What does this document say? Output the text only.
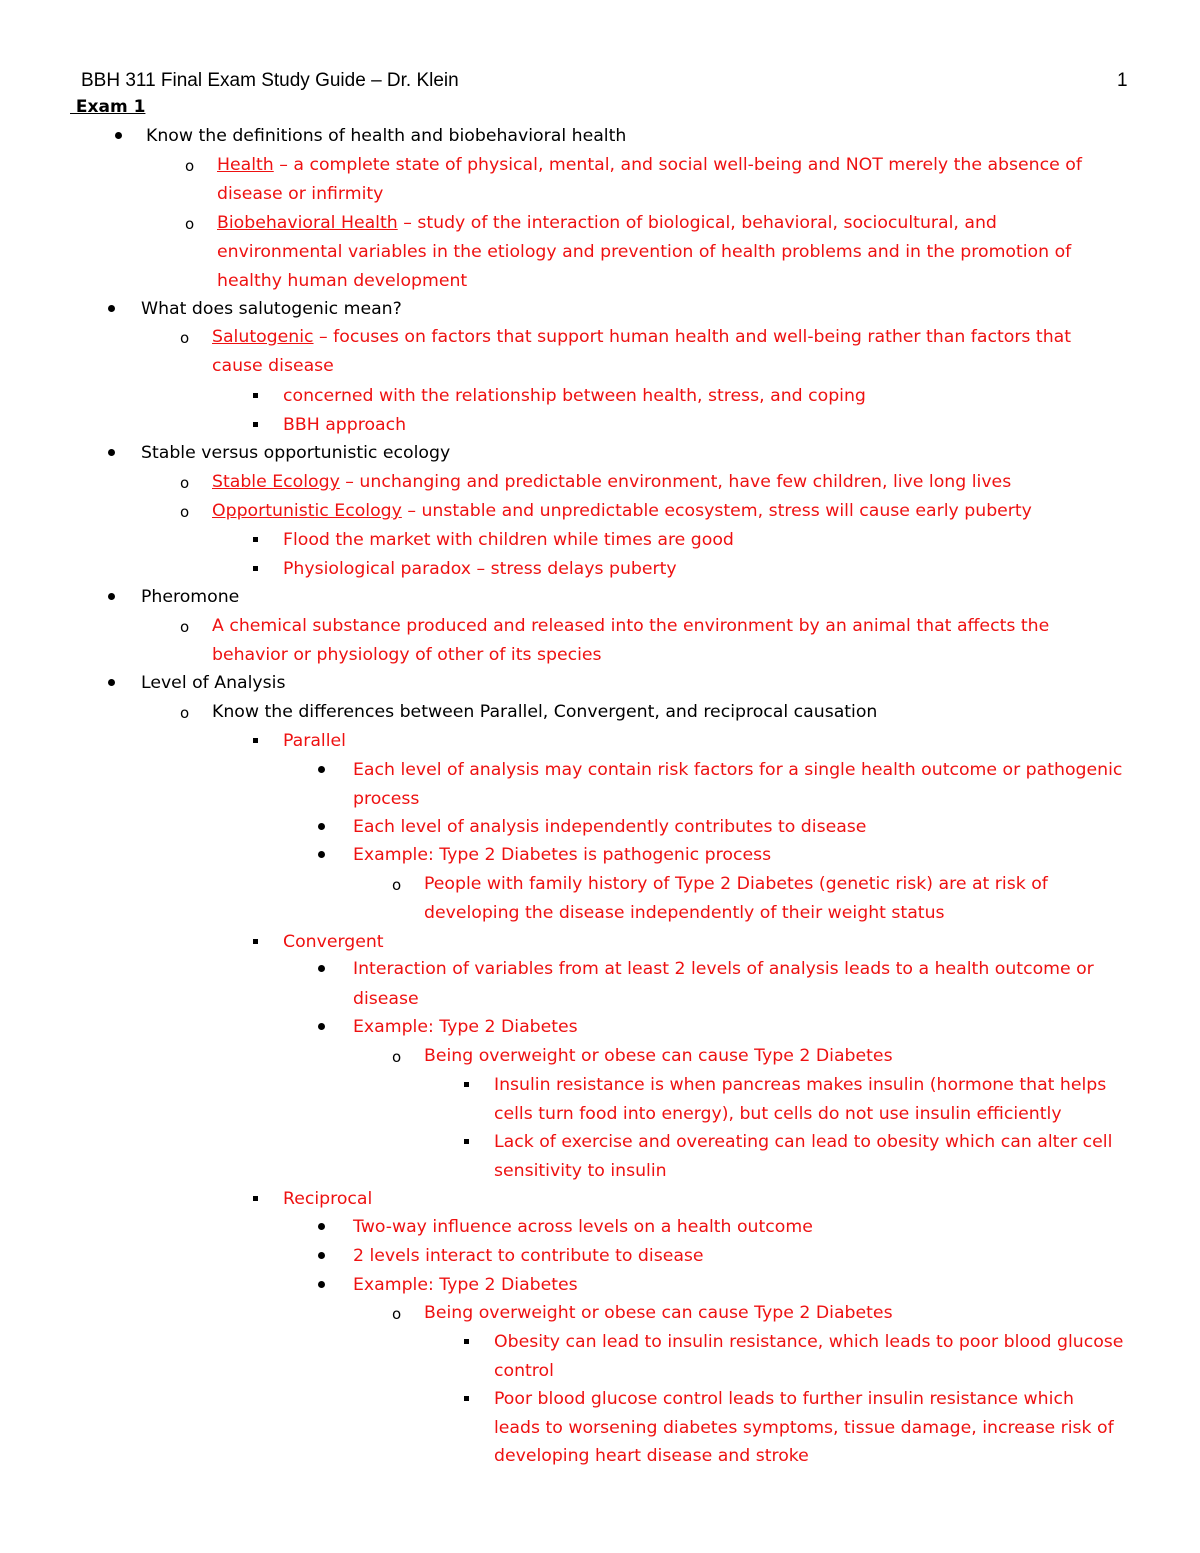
BBH 311 Final Exam Study Guide – Dr. Klein	1
Exam 1
Know the definitions of health and biobehavioral health
o Health – a complete state of physical, mental, and social well-being and NOT merely the absence of
disease or infirmity
o Biobehavioral Health – study of the interaction of biological, behavioral, sociocultural, and
environmental variables in the etiology and prevention of health problems and in the promotion of
healthy human development
What does salutogenic mean?
o Salutogenic – focuses on factors that support human health and well-being rather than factors that
cause disease
concerned with the relationship between health, stress, and coping
BBH approach
Stable versus opportunistic ecology
o Stable Ecology – unchanging and predictable environment, have few children, live long lives
o Opportunistic Ecology – unstable and unpredictable ecosystem, stress will cause early puberty
Flood the market with children while times are good
Physiological paradox – stress delays puberty
Pheromone
o A chemical substance produced and released into the environment by an animal that affects the
behavior or physiology of other of its species
Level of Analysis
o Know the differences between Parallel, Convergent, and reciprocal causation
Parallel
Each level of analysis may contain risk factors for a single health outcome or pathogenic
process
Each level of analysis independently contributes to disease
Example: Type 2 Diabetes is pathogenic process
o People with family history of Type 2 Diabetes (genetic risk) are at risk of
developing the disease independently of their weight status
Convergent
Interaction of variables from at least 2 levels of analysis leads to a health outcome or
disease
Example: Type 2 Diabetes
o Being overweight or obese can cause Type 2 Diabetes
Insulin resistance is when pancreas makes insulin (hormone that helps
cells turn food into energy), but cells do not use insulin efficiently
Lack of exercise and overeating can lead to obesity which can alter cell
sensitivity to insulin
Reciprocal
Two-way influence across levels on a health outcome
2 levels interact to contribute to disease
Example: Type 2 Diabetes
o Being overweight or obese can cause Type 2 Diabetes
Obesity can lead to insulin resistance, which leads to poor blood glucose
control
Poor blood glucose control leads to further insulin resistance which
leads to worsening diabetes symptoms, tissue damage, increase risk of
developing heart disease and stroke
